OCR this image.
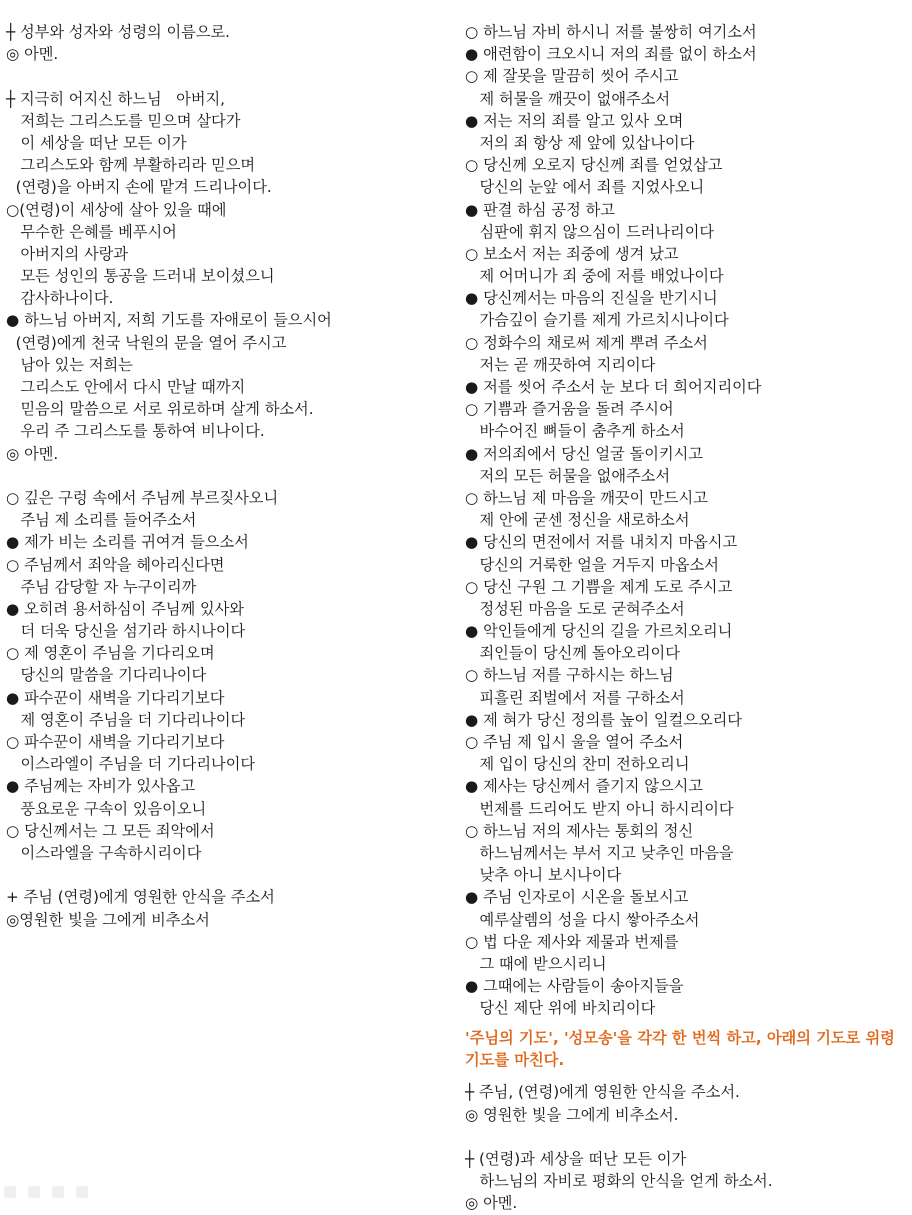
┼ 성부와 성자와 성령의 이름으로.
◎ 아멘.
┼ 지극히 어지신 하느님   아버지,
저희는 그리스도를 믿으며 살다가
이 세상을 떠난 모든 이가
그리스도와 함께 부활하리라 믿으며
(연령)을 아버지 손에 맡겨 드리나이다.
○(연령)이 세상에 살아 있을 때에
무수한 은혜를 베푸시어
아버지의 사랑과
모든 성인의 통공을 드러내 보이셨으니
감사하나이다.
● 하느님 아버지, 저희 기도를 자애로이 들으시어
(연령)에게 천국 낙원의 문을 열어 주시고
남아 있는 저희는
그리스도 안에서 다시 만날 때까지
믿음의 말씀으로 서로 위로하며 살게 하소서.
우리 주 그리스도를 통하여 비나이다.
◎ 아멘.
○ 깊은 구렁 속에서 주님께 부르짖사오니
주님 제 소리를 들어주소서
● 제가 비는 소리를 귀여겨 들으소서
○ 주님께서 죄악을 헤아리신다면
주님 감당할 자 누구이리까
● 오히려 용서하심이 주님께 있사와
더 더욱 당신을 섬기라 하시나이다
○ 제 영혼이 주님을 기다리오며
당신의 말씀을 기다리나이다
● 파수꾼이 새벽을 기다리기보다
제 영혼이 주님을 더 기다리나이다
○ 파수꾼이 새벽을 기다리기보다
이스라엘이 주님을 더 기다리나이다
● 주님께는 자비가 있사옵고
풍요로운 구속이 있음이오니
○ 당신께서는 그 모든 죄악에서
이스라엘을 구속하시리이다
+ 주님 (연령)에게 영원한 안식을 주소서
◎영원한 빛을 그에게 비추소서
○ 하느님 자비 하시니 저를 불쌍히 여기소서
● 애련함이 크오시니 저의 죄를 없이 하소서
○ 제 잘못을 말끔히 씻어 주시고
제 허물을 깨끗이 없애주소서
● 저는 저의 죄를 알고 있사 오며
저의 죄 항상 제 앞에 있삽나이다
○ 당신께 오로지 당신께 죄를 얻었삽고
당신의 눈앞 에서 죄를 지었사오니
● 판결 하심 공정 하고
심판에 휘지 않으심이 드러나리이다
○ 보소서 저는 죄중에 생겨 났고
제 어머니가 죄 중에 저를 배었나이다
● 당신께서는 마음의 진실을 반기시니
가슴깊이 슬기를 제게 가르치시나이다
○ 정화수의 채로써 제게 뿌려 주소서
저는 곧 깨끗하여 지리이다
● 저를 씻어 주소서 눈 보다 더 희어지리이다
○ 기쁨과 즐거움을 돌려 주시어
바수어진 뼈들이 춤추게 하소서
● 저의죄에서 당신 얼굴 돌이키시고
저의 모든 허물을 없애주소서
○ 하느님 제 마음을 깨끗이 만드시고
제 안에 굳센 정신을 새로하소서
● 당신의 면전에서 저를 내치지 마옵시고
당신의 거룩한 얼을 거두지 마옵소서
○ 당신 구원 그 기쁨을 제게 도로 주시고
정성된 마음을 도로 굳혀주소서
● 악인들에게 당신의 길을 가르치오리니
죄인들이 당신께 돌아오리이다
○ 하느님 저를 구하시는 하느님
피흘린 죄벌에서 저를 구하소서
● 제 혀가 당신 정의를 높이 일컬으오리다
○ 주님 제 입시 울을 열어 주소서
제 입이 당신의 찬미 전하오리니
● 제사는 당신께서 즐기지 않으시고
번제를 드리어도 받지 아니 하시리이다
○ 하느님 저의 제사는 통회의 정신
하느님께서는 부서 지고 낮추인 마음을
낮추 아니 보시나이다
● 주님 인자로이 시온을 돌보시고
예루살렘의 성을 다시 쌓아주소서
○ 법 다운 제사와 제물과 번제를
그 때에 받으시리니
● 그때에는 사람들이 송아지들을
당신 제단 위에 바치리이다
'주님의 기도', '성모송'을 각각 한 번씩 하고, 아래의 기도로 위령기도를 마친다.
┼ 주님, (연령)에게 영원한 안식을 주소서.
◎ 영원한 빛을 그에게 비추소서.
┼ (연령)과 세상을 떠난 모든 이가
하느님의 자비로 평화의 안식을 얻게 하소서.
◎ 아멘.
